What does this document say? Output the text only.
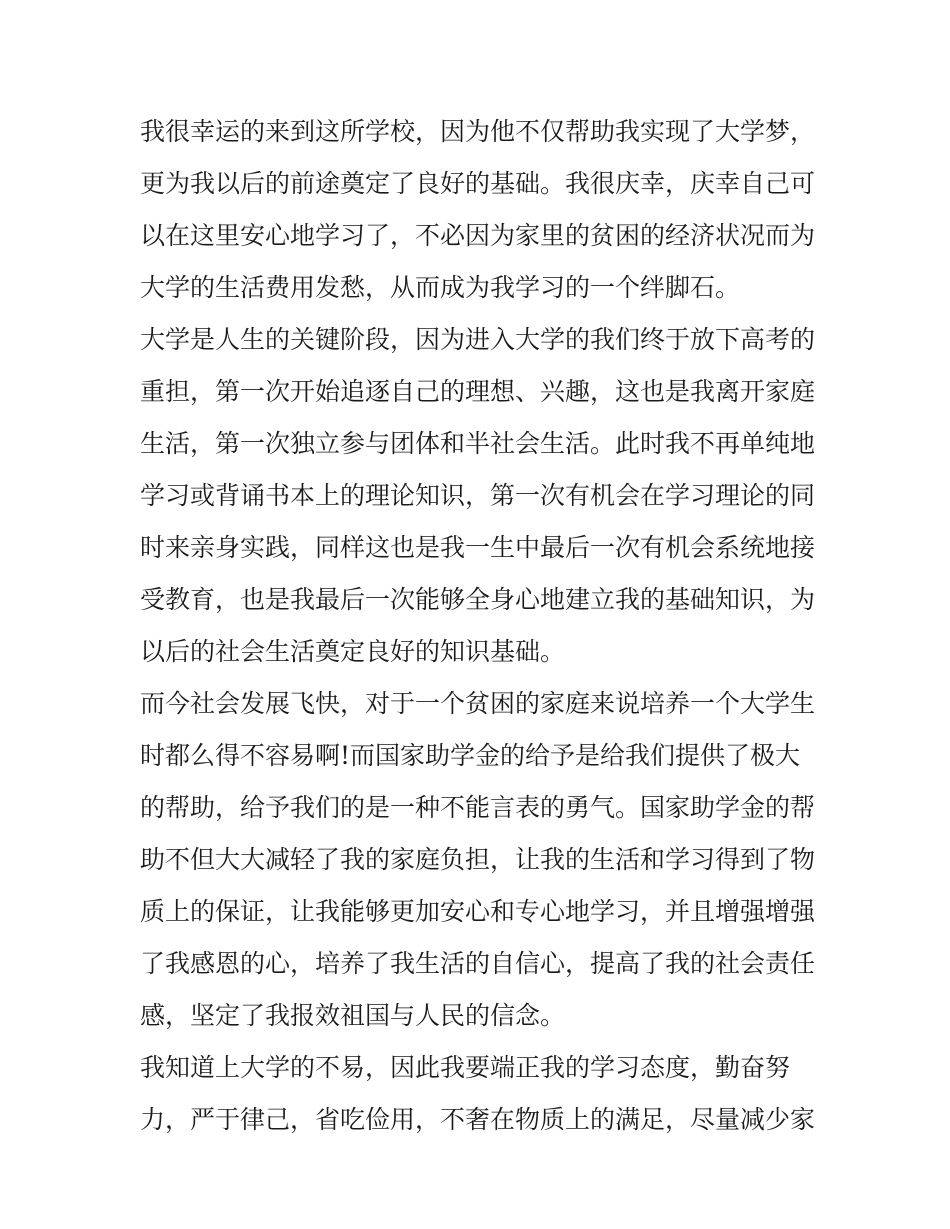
我很幸运的来到这所学校，因为他不仅帮助我实现了大学梦，
更为我以后的前途奠定了良好的基础。我很庆幸，庆幸自己可
以在这里安心地学习了，不必因为家里的贫困的经济状况而为
大学的生活费用发愁，从而成为我学习的一个绊脚石。
大学是人生的关键阶段，因为进入大学的我们终于放下高考的
重担，第一次开始追逐自己的理想、兴趣，这也是我离开家庭
生活，第一次独立参与团体和半社会生活。此时我不再单纯地
学习或背诵书本上的理论知识，第一次有机会在学习理论的同
时来亲身实践，同样这也是我一生中最后一次有机会系统地接
受教育，也是我最后一次能够全身心地建立我的基础知识，为
以后的社会生活奠定良好的知识基础。
而今社会发展飞快，对于一个贫困的家庭来说培养一个大学生
时都么得不容易啊!而国家助学金的给予是给我们提供了极大
的帮助，给予我们的是一种不能言表的勇气。国家助学金的帮
助不但大大减轻了我的家庭负担，让我的生活和学习得到了物
质上的保证，让我能够更加安心和专心地学习，并且增强增强
了我感恩的心，培养了我生活的自信心，提高了我的社会责任
感，坚定了我报效祖国与人民的信念。
我知道上大学的不易，因此我要端正我的学习态度，勤奋努
力，严于律己，省吃俭用，不奢在物质上的满足，尽量减少家
